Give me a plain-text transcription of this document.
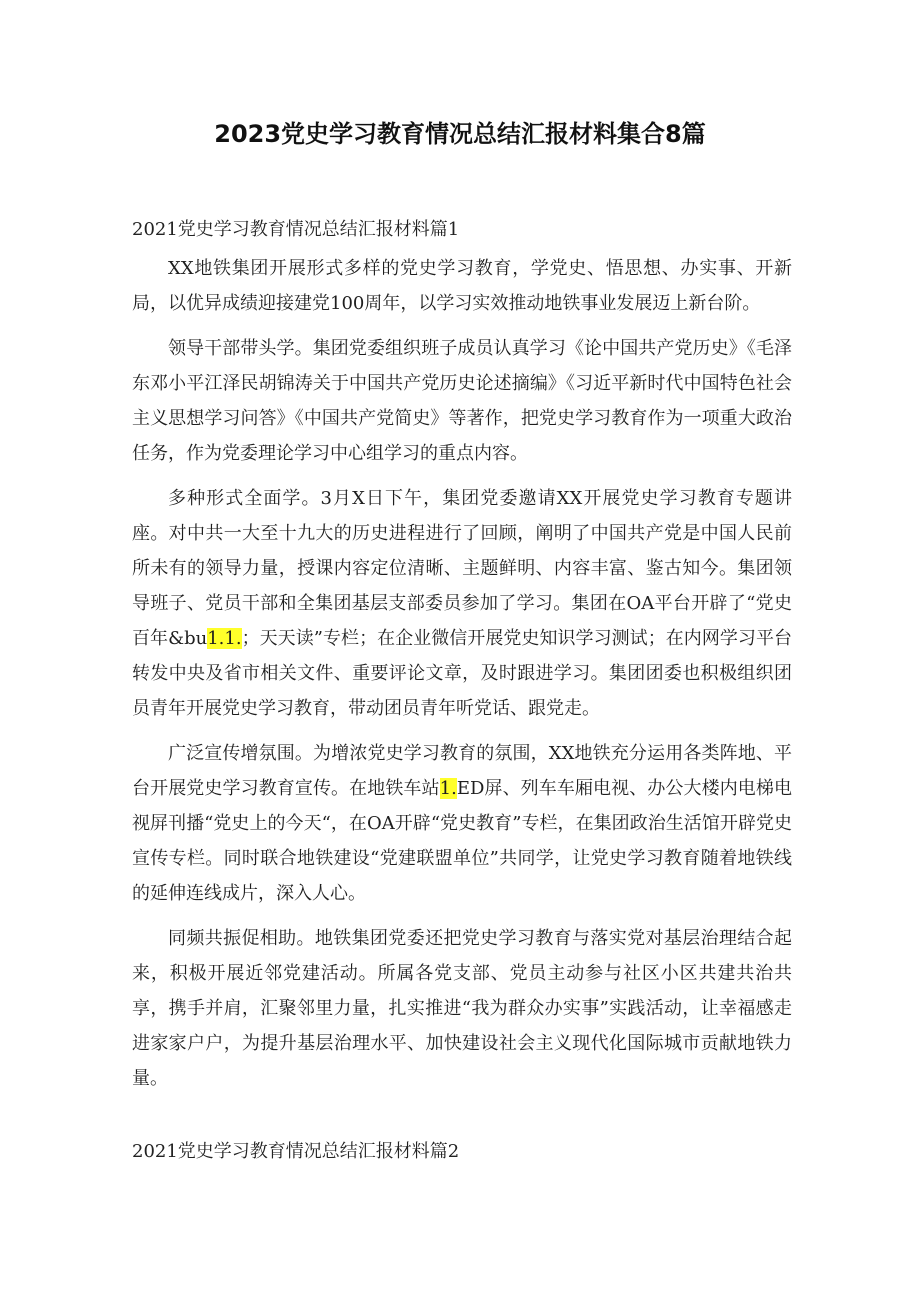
2023党史学习教育情况总结汇报材料集合8篇
2021党史学习教育情况总结汇报材料篇1

XX地铁集团开展形式多样的党史学习教育，学党史、悟思想、办实事、开新局，以优异成绩迎接建党100周年，以学习实效推动地铁事业发展迈上新台阶。

领导干部带头学。集团党委组织班子成员认真学习《论中国共产党历史》《毛泽东邓小平江泽民胡锦涛关于中国共产党历史论述摘编》《习近平新时代中国特色社会主义思想学习问答》《中国共产党简史》等著作，把党史学习教育作为一项重大政治任务，作为党委理论学习中心组学习的重点内容。

多种形式全面学。3月X日下午，集团党委邀请XX开展党史学习教育专题讲座。对中共一大至十九大的历史进程进行了回顾，阐明了中国共产党是中国人民前所未有的领导力量，授课内容定位清晰、主题鲜明、内容丰富、鉴古知今。集团领导班子、党员干部和全集团基层支部委员参加了学习。集团在OA平台开辟了“党史百年&bu1.1.；天天读”专栏；在企业微信开展党史知识学习测试；在内网学习平台转发中央及省市相关文件、重要评论文章，及时跟进学习。集团团委也积极组织团员青年开展党史学习教育，带动团员青年听党话、跟党走。

广泛宣传增氛围。为增浓党史学习教育的氛围，XX地铁充分运用各类阵地、平台开展党史学习教育宣传。在地铁车站1.ED屏、列车车厢电视、办公大楼内电梯电视屏刊播“党史上的今天“，在OA开辟“党史教育”专栏，在集团政治生活馆开辟党史宣传专栏。同时联合地铁建设“党建联盟单位”共同学，让党史学习教育随着地铁线的延伸连线成片，深入人心。

同频共振促相助。地铁集团党委还把党史学习教育与落实党对基层治理结合起来，积极开展近邻党建活动。所属各党支部、党员主动参与社区小区共建共治共享，携手并肩，汇聚邻里力量，扎实推进“我为群众办实事”实践活动，让幸福感走进家家户户，为提升基层治理水平、加快建设社会主义现代化国际城市贡献地铁力量。

2021党史学习教育情况总结汇报材料篇2
